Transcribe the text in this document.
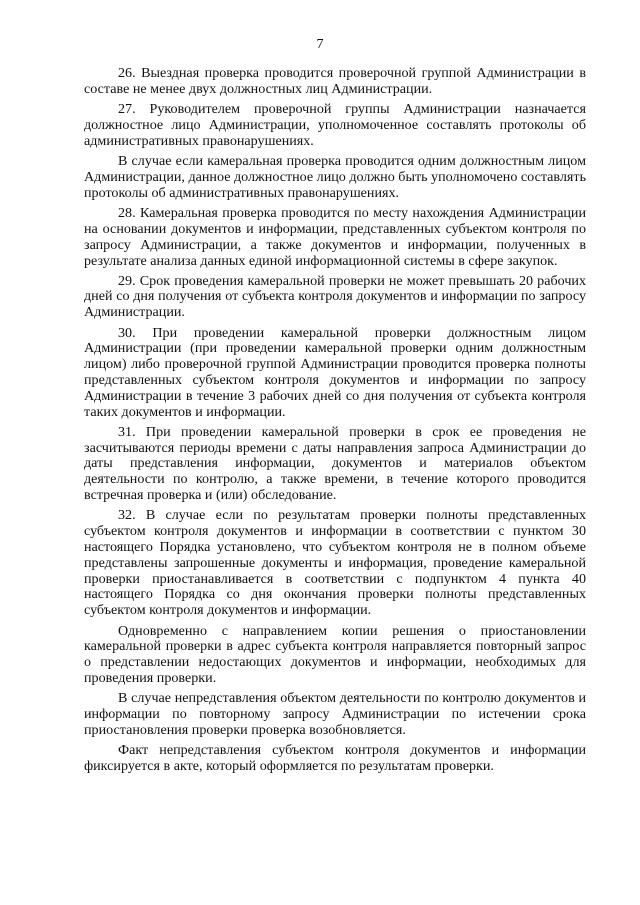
7

26. Выездная проверка проводится проверочной группой Администрации в составе не менее двух должностных лиц Администрации.

27. Руководителем проверочной группы Администрации назначается должностное лицо Администрации, уполномоченное составлять протоколы об административных правонарушениях.

В случае если камеральная проверка проводится одним должностным лицом Администрации, данное должностное лицо должно быть уполномочено составлять протоколы об административных правонарушениях.

28. Камеральная проверка проводится по месту нахождения Администрации на основании документов и информации, представленных субъектом контроля по запросу Администрации, а также документов и информации, полученных в результате анализа данных единой информационной системы в сфере закупок.

29. Срок проведения камеральной проверки не может превышать 20 рабочих дней со дня получения от субъекта контроля документов и информации по запросу Администрации.

30. При проведении камеральной проверки должностным лицом Администрации (при проведении камеральной проверки одним должностным лицом) либо проверочной группой Администрации проводится проверка полноты представленных субъектом контроля документов и информации по запросу Администрации в течение 3 рабочих дней со дня получения от субъекта контроля таких документов и информации.

31. При проведении камеральной проверки в срок ее проведения не засчитываются периоды времени с даты направления запроса Администрации до даты представления информации, документов и материалов объектом деятельности по контролю, а также времени, в течение которого проводится встречная проверка и (или) обследование.

32. В случае если по результатам проверки полноты представленных субъектом контроля документов и информации в соответствии с пунктом 30 настоящего Порядка установлено, что субъектом контроля не в полном объеме представлены запрошенные документы и информация, проведение камеральной проверки приостанавливается в соответствии с подпунктом 4 пункта 40 настоящего Порядка со дня окончания проверки полноты представленных субъектом контроля документов и информации.

Одновременно с направлением копии решения о приостановлении камеральной проверки в адрес субъекта контроля направляется повторный запрос о представлении недостающих документов и информации, необходимых для проведения проверки.

В случае непредставления объектом деятельности по контролю документов и информации по повторному запросу Администрации по истечении срока приостановления проверки проверка возобновляется.

Факт непредставления субъектом контроля документов и информации фиксируется в акте, который оформляется по результатам проверки.
